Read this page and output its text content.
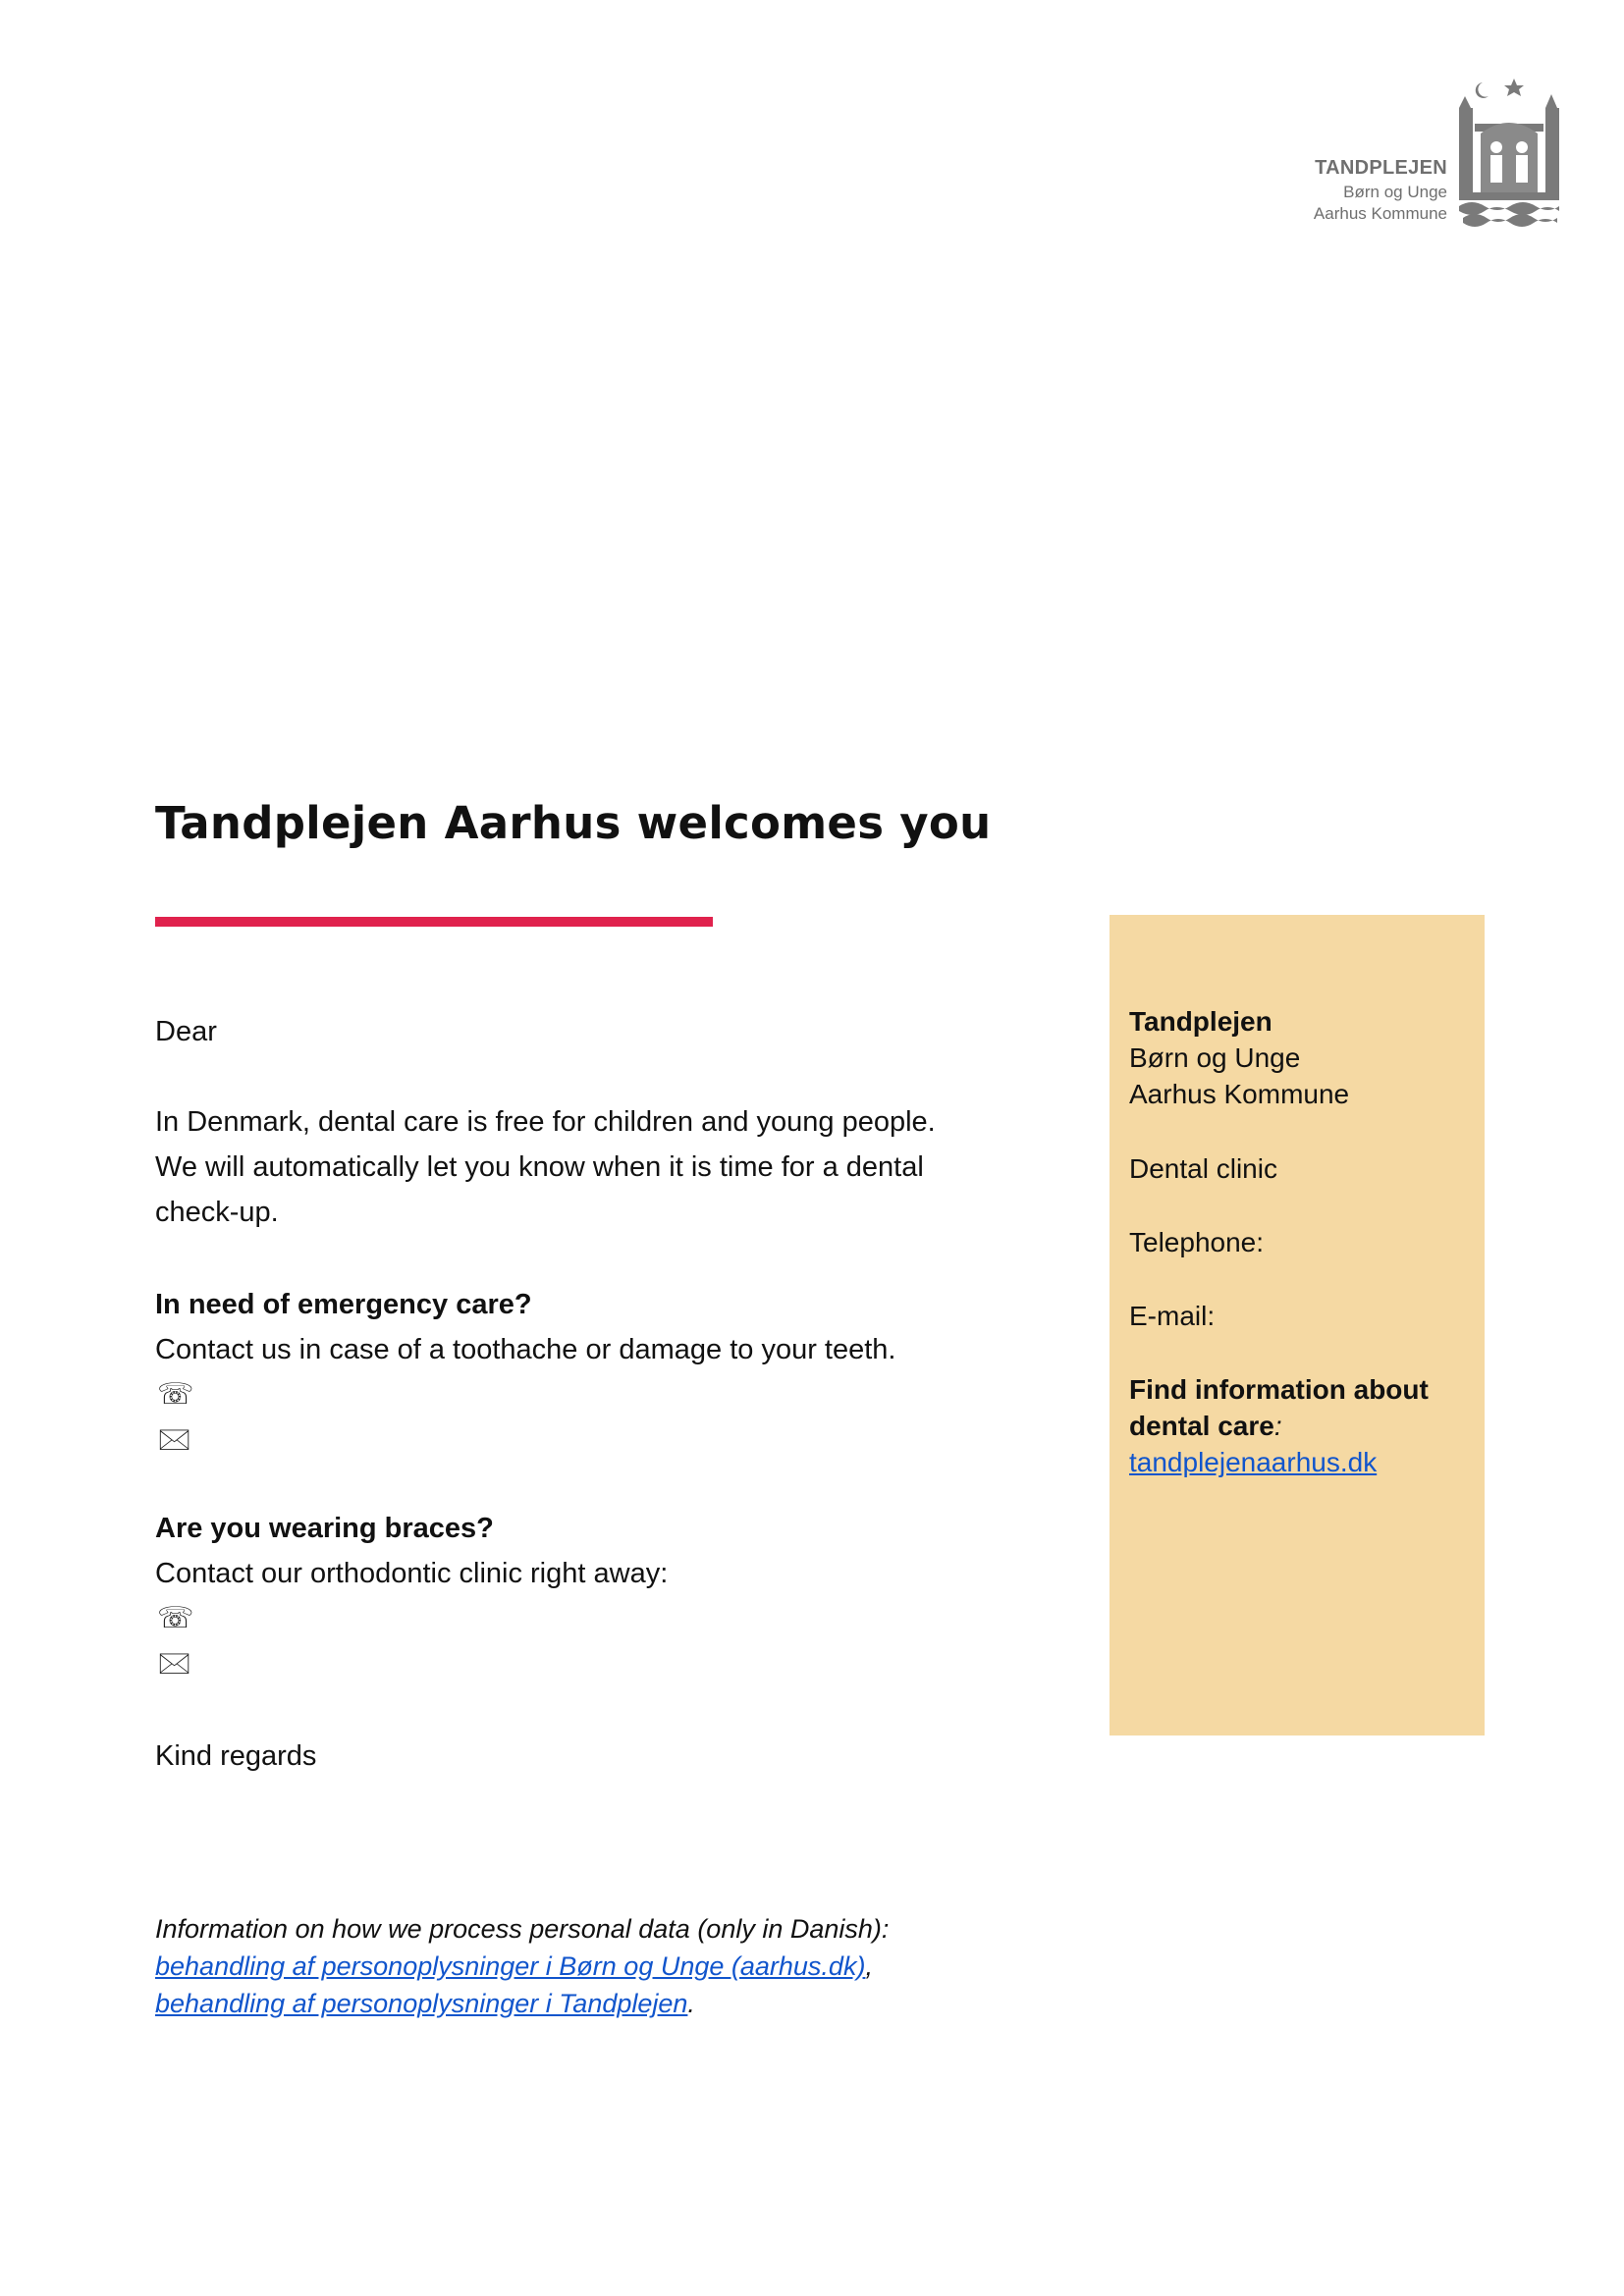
TANDPLEJEN
Børn og Unge
Aarhus Kommune
Tandplejen Aarhus welcomes you
Dear
In Denmark, dental care is free for children and young people.
We will automatically let you know when it is time for a dental
check-up.
In need of emergency care?
Contact us in case of a toothache or damage to your teeth.
☏
🖂
Are you wearing braces?
Contact our orthodontic clinic right away:
☏
🖂
Kind regards
Tandplejen
Børn og Unge
Aarhus Kommune
Dental clinic
Telephone:
E-mail:
Find information about
dental care:
tandplejenaarhus.dk
Information on how we process personal data (only in Danish):
behandling af personoplysninger i Børn og Unge (aarhus.dk),
behandling af personoplysninger i Tandplejen.
